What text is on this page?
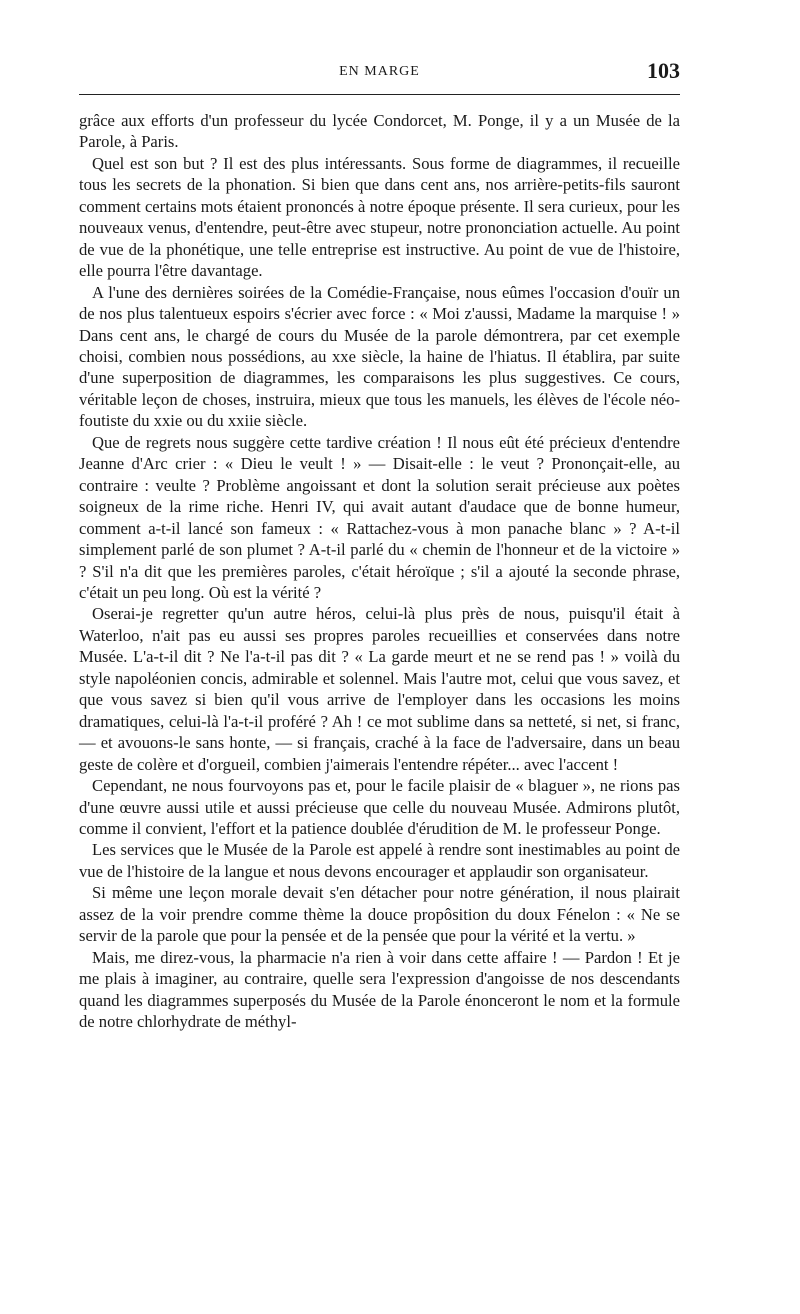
EN MARGE	103

grâce aux efforts d'un professeur du lycée Condorcet, M. Ponge, il y a un Musée de la Parole, à Paris.

Quel est son but ? Il est des plus intéressants. Sous forme de diagrammes, il recueille tous les secrets de la phonation. Si bien que dans cent ans, nos arrière-petits-fils sauront comment certains mots étaient prononcés à notre époque présente. Il sera curieux, pour les nouveaux venus, d'entendre, peut-être avec stupeur, notre prononciation actuelle. Au point de vue de la phonétique, une telle entreprise est instructive. Au point de vue de l'histoire, elle pourra l'être davantage.

A l'une des dernières soirées de la Comédie-Française, nous eûmes l'occasion d'ouïr un de nos plus talentueux espoirs s'écrier avec force : « Moi z'aussi, Madame la marquise ! » Dans cent ans, le chargé de cours du Musée de la parole démontrera, par cet exemple choisi, combien nous possédions, au xxe siècle, la haine de l'hiatus. Il établira, par suite d'une superposition de diagrammes, les comparaisons les plus suggestives. Ce cours, véritable leçon de choses, instruira, mieux que tous les manuels, les élèves de l'école néo-foutiste du xxie ou du xxiie siècle.

Que de regrets nous suggère cette tardive création ! Il nous eût été précieux d'entendre Jeanne d'Arc crier : « Dieu le veult ! » — Disait-elle : le veut ? Prononçait-elle, au contraire : veulte ? Problème angoissant et dont la solution serait précieuse aux poètes soigneux de la rime riche. Henri IV, qui avait autant d'audace que de bonne humeur, comment a-t-il lancé son fameux : « Rattachez-vous à mon panache blanc » ? A-t-il simplement parlé de son plumet ? A-t-il parlé du « chemin de l'honneur et de la victoire » ? S'il n'a dit que les premières paroles, c'était héroïque ; s'il a ajouté la seconde phrase, c'était un peu long. Où est la vérité ?

Oserai-je regretter qu'un autre héros, celui-là plus près de nous, puisqu'il était à Waterloo, n'ait pas eu aussi ses propres paroles recueillies et conservées dans notre Musée. L'a-t-il dit ? Ne l'a-t-il pas dit ? « La garde meurt et ne se rend pas ! » voilà du style napoléonien concis, admirable et solennel. Mais l'autre mot, celui que vous savez, et que vous savez si bien qu'il vous arrive de l'employer dans les occasions les moins dramatiques, celui-là l'a-t-il proféré ? Ah ! ce mot sublime dans sa netteté, si net, si franc, — et avouons-le sans honte, — si français, craché à la face de l'adversaire, dans un beau geste de colère et d'orgueil, combien j'aimerais l'entendre répéter... avec l'accent !

Cependant, ne nous fourvoyons pas et, pour le facile plaisir de « blaguer », ne rions pas d'une œuvre aussi utile et aussi précieuse que celle du nouveau Musée. Admirons plutôt, comme il convient, l'effort et la patience doublée d'érudition de M. le professeur Ponge.

Les services que le Musée de la Parole est appelé à rendre sont inestimables au point de vue de l'histoire de la langue et nous devons encourager et applaudir son organisateur.

Si même une leçon morale devait s'en détacher pour notre génération, il nous plairait assez de la voir prendre comme thème la douce propôsition du doux Fénelon : « Ne se servir de la parole que pour la pensée et de la pensée que pour la vérité et la vertu. »

Mais, me direz-vous, la pharmacie n'a rien à voir dans cette affaire ! — Pardon ! Et je me plais à imaginer, au contraire, quelle sera l'expression d'angoisse de nos descendants quand les diagrammes superposés du Musée de la Parole énonceront le nom et la formule de notre chlorhydrate de méthyl-
